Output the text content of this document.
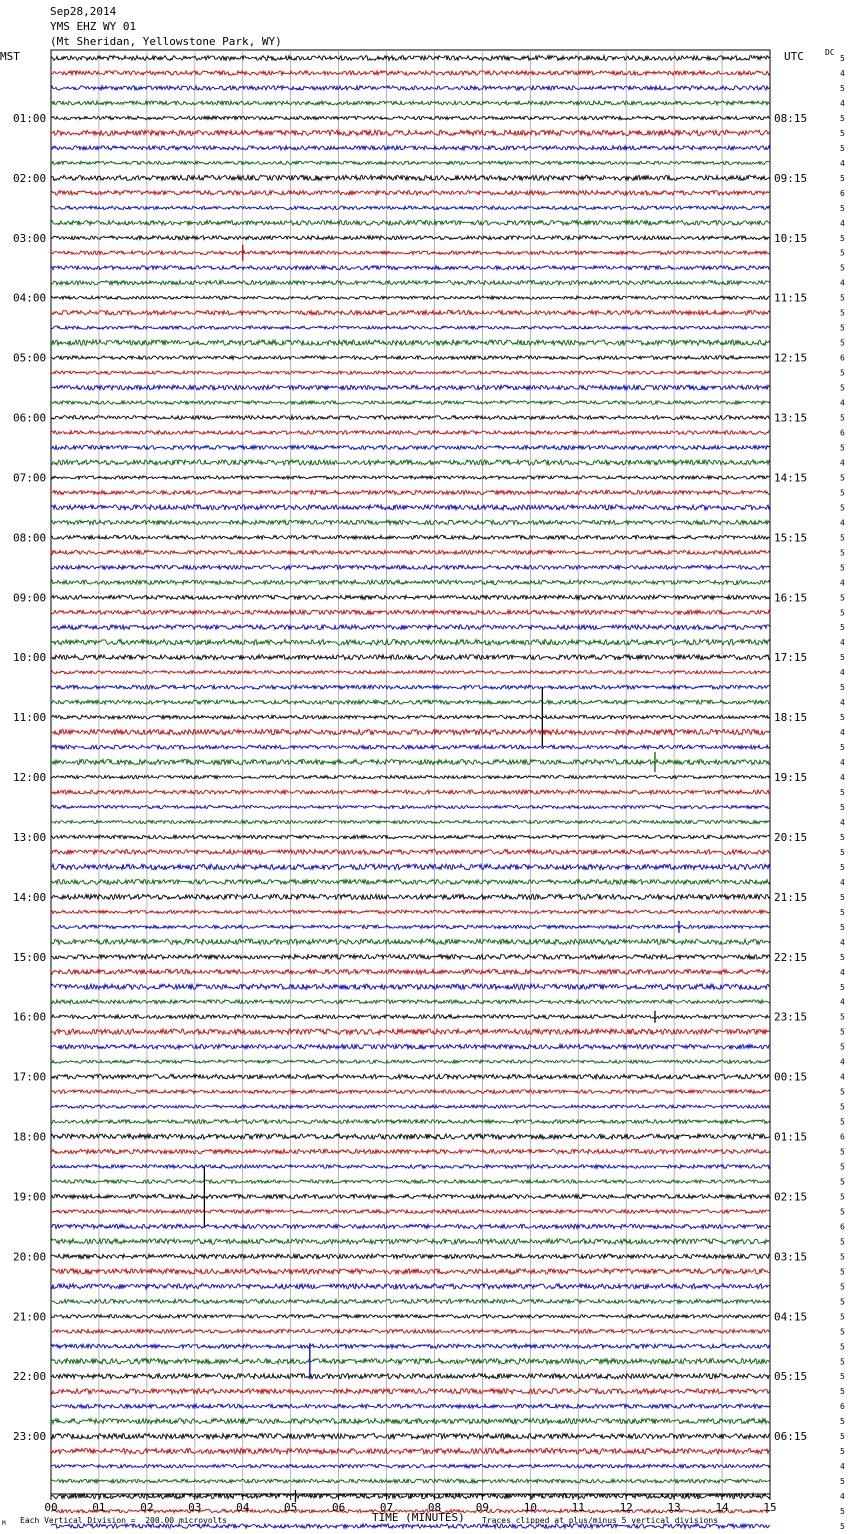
Sep28,2014
YMS EHZ WY 01
(Mt Sheridan, Yellowstone Park, WY)
MST	UTC	DC
01:00
02:00
03:00
04:00
05:00
06:00
07:00
08:00
09:00
10:00
11:00
12:00
13:00
14:00
15:00
16:00
17:00
18:00
19:00
20:00
21:00
22:00
23:00
08:15
09:15
10:15
11:15
12:15
13:15
14:15
15:15
16:15
17:15
18:15
19:15
20:15
21:15
22:15
23:15
00:15
01:15
02:15
03:15
04:15
05:15
06:15
5
4
5
4
5
5
5
4
5
6
5
4
5
5
5
4
5
5
5
5
6
5
5
4
5
6
5
4
5
5
5
4
5
5
5
4
5
5
5
4
5
4
5
4
5
4
5
4
4
5
5
4
5
5
5
4
5
5
5
4
5
4
5
4
5
5
5
4
4
5
5
5
6
5
5
5
5
5
6
5
5
5
5
5
5
5
5
5
5
5
6
5
5
5
4
5
4
5
5
00	01	02	03	04	05	06	07	08	09	10	11	12	13	14	15
TIME (MINUTES)
Each Vertical Division =  200.00 microvolts	Traces clipped at plus/minus 5 vertical divisions
M
